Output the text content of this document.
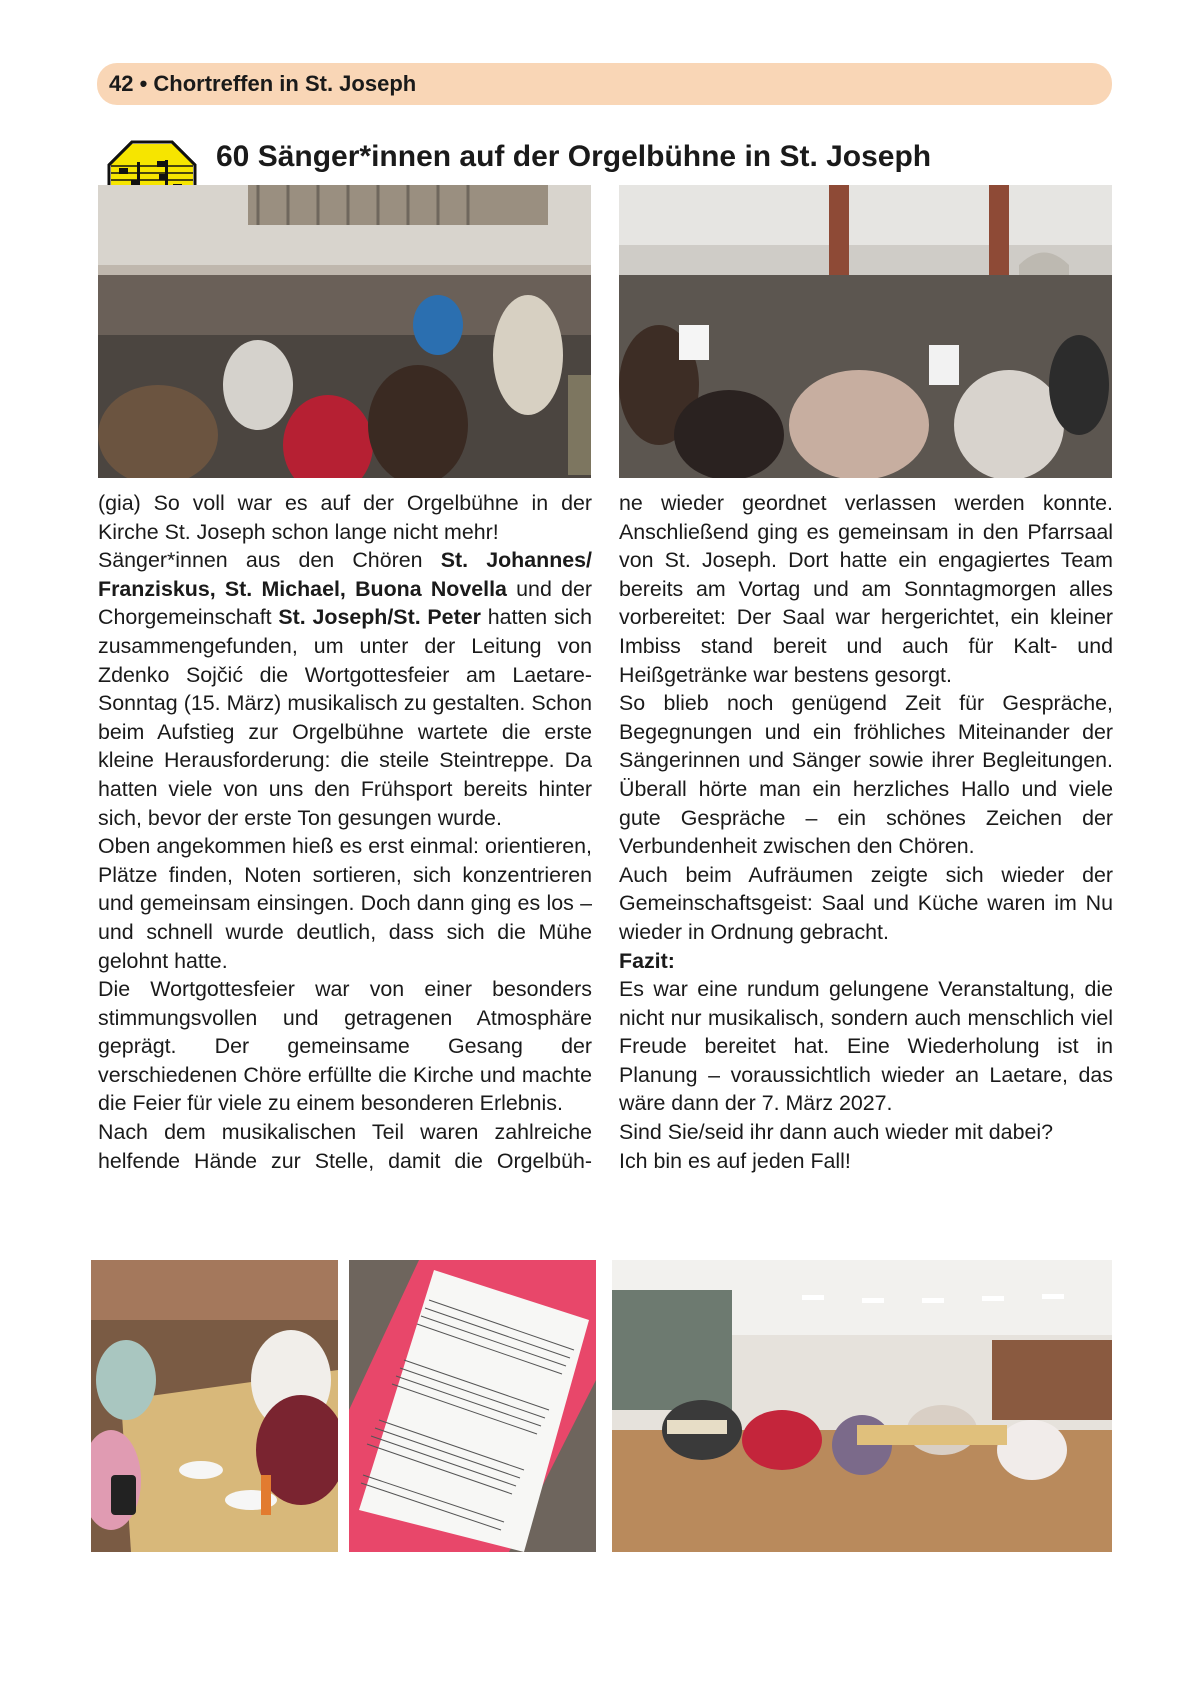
42 • Chortreffen in St. Joseph
60 Sänger*innen auf der Orgelbühne in St. Joseph

(gia) So voll war es auf der Orgelbühne in der Kirche St. Joseph schon lange nicht mehr!

Sänger*innen aus den Chören St. Johannes/ Franziskus, St. Michael, Buona Novella und der Chorgemeinschaft St. Joseph/St. Peter hatten sich zusammengefunden, um unter der Leitung von Zdenko Sojčić die Wortgottesfeier am Laetare-Sonntag (15. März) musikalisch zu gestalten. Schon beim Aufstieg zur Orgelbühne wartete die erste kleine Herausforderung: die steile Steintreppe. Da hatten viele von uns den Frühsport bereits hinter sich, bevor der erste Ton gesungen wurde.

Oben angekommen hieß es erst einmal: orientieren, Plätze finden, Noten sortieren, sich konzentrieren und gemeinsam einsingen. Doch dann ging es los – und schnell wurde deutlich, dass sich die Mühe gelohnt hatte.

Die Wortgottesfeier war von einer besonders stimmungsvollen und getragenen Atmosphäre geprägt. Der gemeinsame Gesang der verschiedenen Chöre erfüllte die Kirche und machte die Feier für viele zu einem besonderen Erlebnis.

Nach dem musikalischen Teil waren zahlreiche helfende Hände zur Stelle, damit die Orgelbüh-

ne wieder geordnet verlassen werden konnte. Anschließend ging es gemeinsam in den Pfarrsaal von St. Joseph. Dort hatte ein engagiertes Team bereits am Vortag und am Sonntagmorgen alles vorbereitet: Der Saal war hergerichtet, ein kleiner Imbiss stand bereit und auch für Kalt- und Heißgetränke war bestens gesorgt.

So blieb noch genügend Zeit für Gespräche, Begegnungen und ein fröhliches Miteinander der Sängerinnen und Sänger sowie ihrer Begleitungen. Überall hörte man ein herzliches Hallo und viele gute Gespräche – ein schönes Zeichen der Verbundenheit zwischen den Chören.

Auch beim Aufräumen zeigte sich wieder der Gemeinschaftsgeist: Saal und Küche waren im Nu wieder in Ordnung gebracht.

Fazit:

Es war eine rundum gelungene Veranstaltung, die nicht nur musikalisch, sondern auch menschlich viel Freude bereitet hat. Eine Wiederholung ist in Planung – voraussichtlich wieder an Laetare, das wäre dann der 7. März 2027.

Sind Sie/seid ihr dann auch wieder mit dabei?

Ich bin es auf jeden Fall!
